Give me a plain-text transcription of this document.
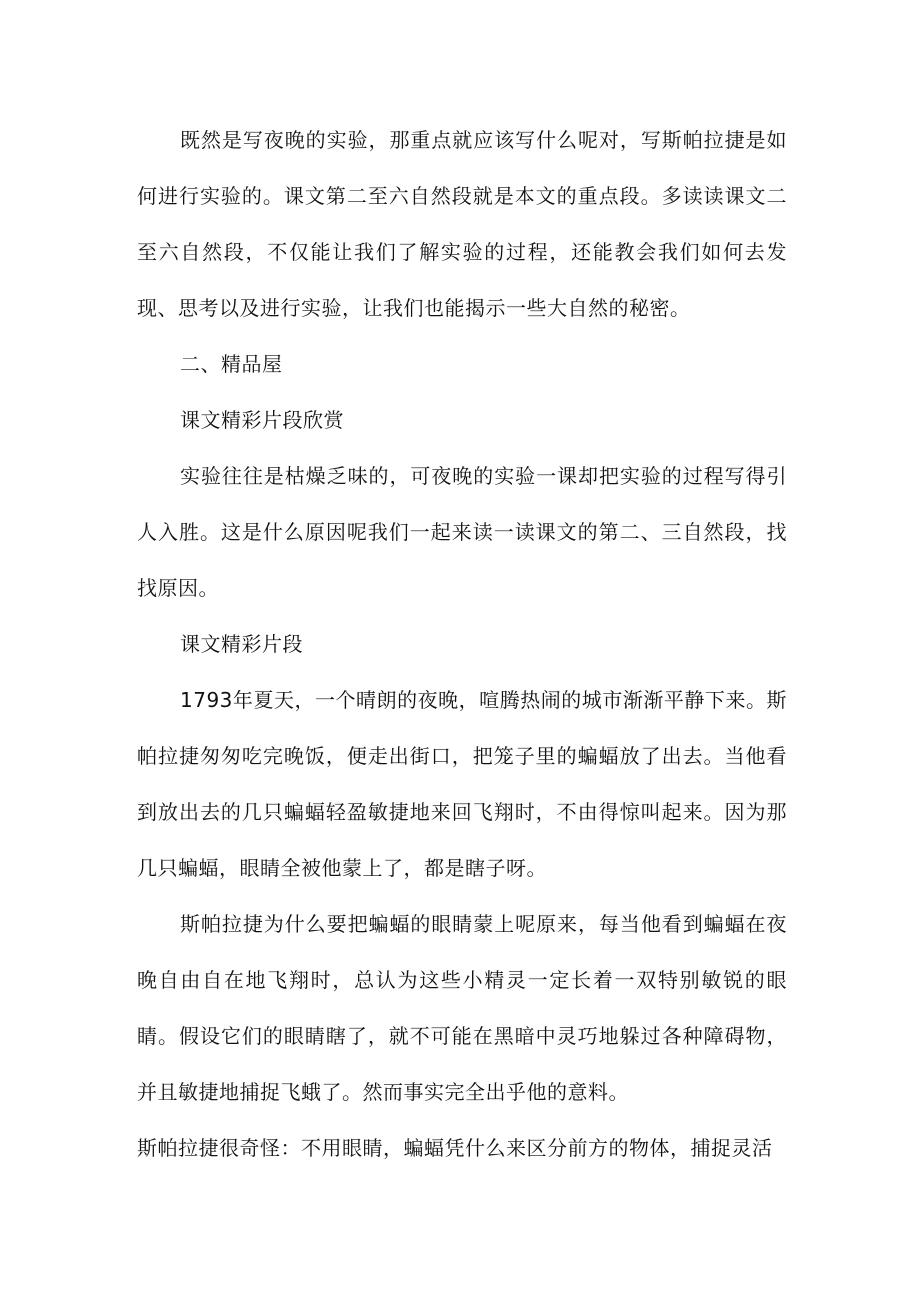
既然是写夜晚的实验，那重点就应该写什么呢对，写斯帕拉捷是如何进行实验的。课文第二至六自然段就是本文的重点段。多读读课文二至六自然段，不仅能让我们了解实验的过程，还能教会我们如何去发现、思考以及进行实验，让我们也能揭示一些大自然的秘密。

二、精品屋

课文精彩片段欣赏

实验往往是枯燥乏味的，可夜晚的实验一课却把实验的过程写得引人入胜。这是什么原因呢我们一起来读一读课文的第二、三自然段，找找原因。

课文精彩片段

1793年夏天，一个晴朗的夜晚，喧腾热闹的城市渐渐平静下来。斯帕拉捷匆匆吃完晚饭，便走出街口，把笼子里的蝙蝠放了出去。当他看到放出去的几只蝙蝠轻盈敏捷地来回飞翔时，不由得惊叫起来。因为那几只蝙蝠，眼睛全被他蒙上了，都是瞎子呀。

斯帕拉捷为什么要把蝙蝠的眼睛蒙上呢原来，每当他看到蝙蝠在夜晚自由自在地飞翔时，总认为这些小精灵一定长着一双特别敏锐的眼睛。假设它们的眼睛瞎了，就不可能在黑暗中灵巧地躲过各种障碍物，并且敏捷地捕捉飞蛾了。然而事实完全出乎他的意料。

斯帕拉捷很奇怪：不用眼睛，蝙蝠凭什么来区分前方的物体，捕捉灵活
